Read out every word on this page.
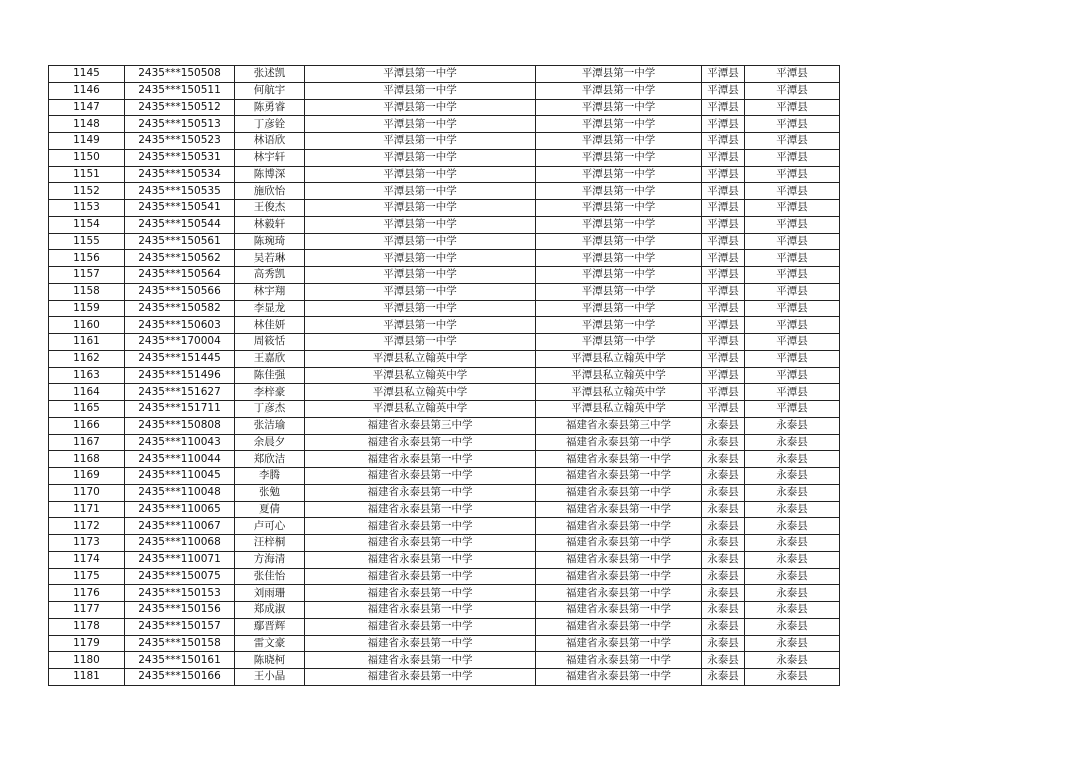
1145	2435***150508	张述凯	平潭县第一中学	平潭县第一中学	平潭县	平潭县
1146	2435***150511	何航宇	平潭县第一中学	平潭县第一中学	平潭县	平潭县
1147	2435***150512	陈勇睿	平潭县第一中学	平潭县第一中学	平潭县	平潭县
1148	2435***150513	丁彦铨	平潭县第一中学	平潭县第一中学	平潭县	平潭县
1149	2435***150523	林语欣	平潭县第一中学	平潭县第一中学	平潭县	平潭县
1150	2435***150531	林宇轩	平潭县第一中学	平潭县第一中学	平潭县	平潭县
1151	2435***150534	陈博深	平潭县第一中学	平潭县第一中学	平潭县	平潭县
1152	2435***150535	施欣怡	平潭县第一中学	平潭县第一中学	平潭县	平潭县
1153	2435***150541	王俊杰	平潭县第一中学	平潭县第一中学	平潭县	平潭县
1154	2435***150544	林毅轩	平潭县第一中学	平潭县第一中学	平潭县	平潭县
1155	2435***150561	陈琬琦	平潭县第一中学	平潭县第一中学	平潭县	平潭县
1156	2435***150562	吴若琳	平潭县第一中学	平潭县第一中学	平潭县	平潭县
1157	2435***150564	高秀凯	平潭县第一中学	平潭县第一中学	平潭县	平潭县
1158	2435***150566	林宇翔	平潭县第一中学	平潭县第一中学	平潭县	平潭县
1159	2435***150582	李显龙	平潭县第一中学	平潭县第一中学	平潭县	平潭县
1160	2435***150603	林佳妍	平潭县第一中学	平潭县第一中学	平潭县	平潭县
1161	2435***170004	周筱恬	平潭县第一中学	平潭县第一中学	平潭县	平潭县
1162	2435***151445	王嘉欣	平潭县私立翰英中学	平潭县私立翰英中学	平潭县	平潭县
1163	2435***151496	陈佳强	平潭县私立翰英中学	平潭县私立翰英中学	平潭县	平潭县
1164	2435***151627	李梓豪	平潭县私立翰英中学	平潭县私立翰英中学	平潭县	平潭县
1165	2435***151711	丁彦杰	平潭县私立翰英中学	平潭县私立翰英中学	平潭县	平潭县
1166	2435***150808	张洁瑜	福建省永泰县第三中学	福建省永泰县第三中学	永泰县	永泰县
1167	2435***110043	余晨夕	福建省永泰县第一中学	福建省永泰县第一中学	永泰县	永泰县
1168	2435***110044	郑欣洁	福建省永泰县第一中学	福建省永泰县第一中学	永泰县	永泰县
1169	2435***110045	李腾	福建省永泰县第一中学	福建省永泰县第一中学	永泰县	永泰县
1170	2435***110048	张勉	福建省永泰县第一中学	福建省永泰县第一中学	永泰县	永泰县
1171	2435***110065	夏倩	福建省永泰县第一中学	福建省永泰县第一中学	永泰县	永泰县
1172	2435***110067	卢可心	福建省永泰县第一中学	福建省永泰县第一中学	永泰县	永泰县
1173	2435***110068	汪梓桐	福建省永泰县第一中学	福建省永泰县第一中学	永泰县	永泰县
1174	2435***110071	方海清	福建省永泰县第一中学	福建省永泰县第一中学	永泰县	永泰县
1175	2435***150075	张佳怡	福建省永泰县第一中学	福建省永泰县第一中学	永泰县	永泰县
1176	2435***150153	刘雨珊	福建省永泰县第一中学	福建省永泰县第一中学	永泰县	永泰县
1177	2435***150156	郑成淑	福建省永泰县第一中学	福建省永泰县第一中学	永泰县	永泰县
1178	2435***150157	鄢晋辉	福建省永泰县第一中学	福建省永泰县第一中学	永泰县	永泰县
1179	2435***150158	雷文豪	福建省永泰县第一中学	福建省永泰县第一中学	永泰县	永泰县
1180	2435***150161	陈晓柯	福建省永泰县第一中学	福建省永泰县第一中学	永泰县	永泰县
1181	2435***150166	王小晶	福建省永泰县第一中学	福建省永泰县第一中学	永泰县	永泰县
